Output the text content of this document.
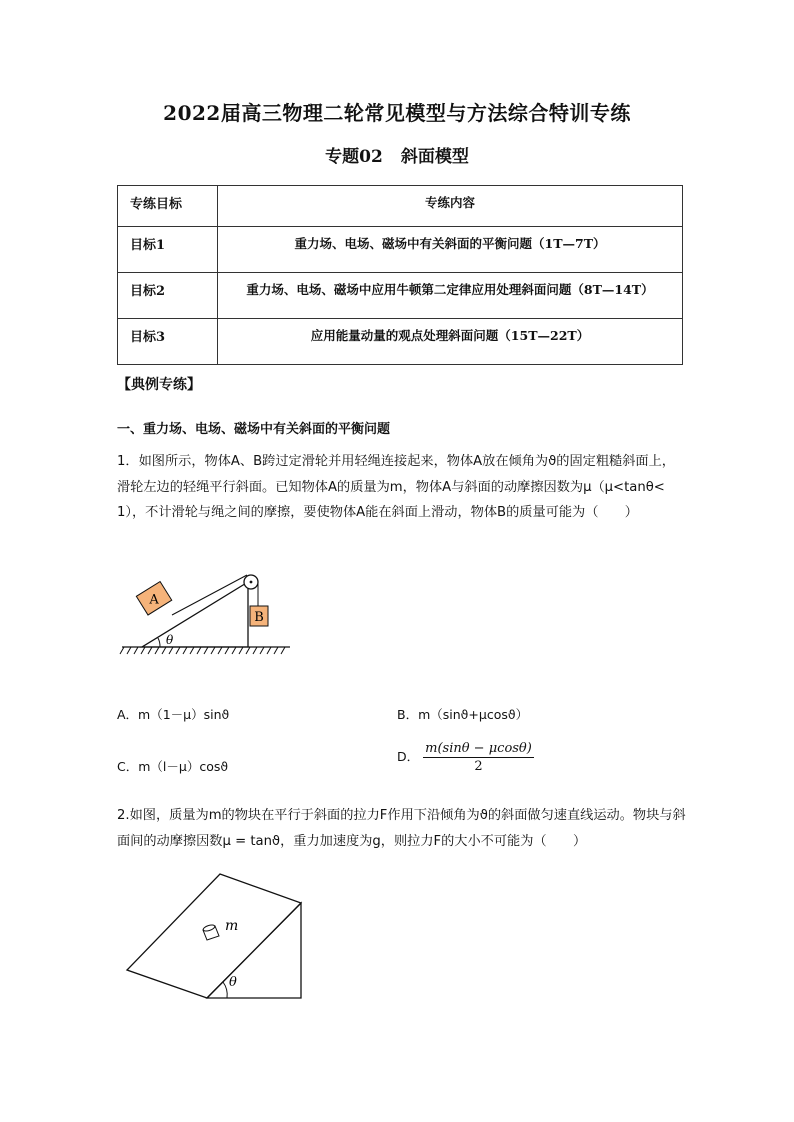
2022届高三物理二轮常见模型与方法综合特训专练
专题02 斜面模型
专练目标	专练内容
目标1	重力场、电场、磁场中有关斜面的平衡问题（1T—7T）
目标2	重力场、电场、磁场中应用牛顿第二定律应用处理斜面问题（8T—14T）
目标3	应用能量动量的观点处理斜面问题（15T—22T）
【典例专练】
一、重力场、电场、磁场中有关斜面的平衡问题
1．如图所示，物体A、B跨过定滑轮并用轻绳连接起来，物体A放在倾角为ϑ的固定粗糙斜面上，滑轮左边的轻绳平行斜面。已知物体A的质量为m，物体A与斜面的动摩擦因数为μ（μ<tanθ<1），不计滑轮与绳之间的摩擦，要使物体A能在斜面上滑动，物体B的质量可能为（　　）
A
B
θ
A．m（1－μ）sinϑ	B．m（sinϑ+μcosϑ）
C．m（l－μ）cosϑ
D． $\frac{m(\sin\theta - \mu\cos\theta)}{2}$
2.如图，质量为m的物块在平行于斜面的拉力F作用下沿倾角为ϑ的斜面做匀速直线运动。物块与斜面间的动摩擦因数μ = tanϑ，重力加速度为g，则拉力F的大小不可能为（　　）
m
θ
